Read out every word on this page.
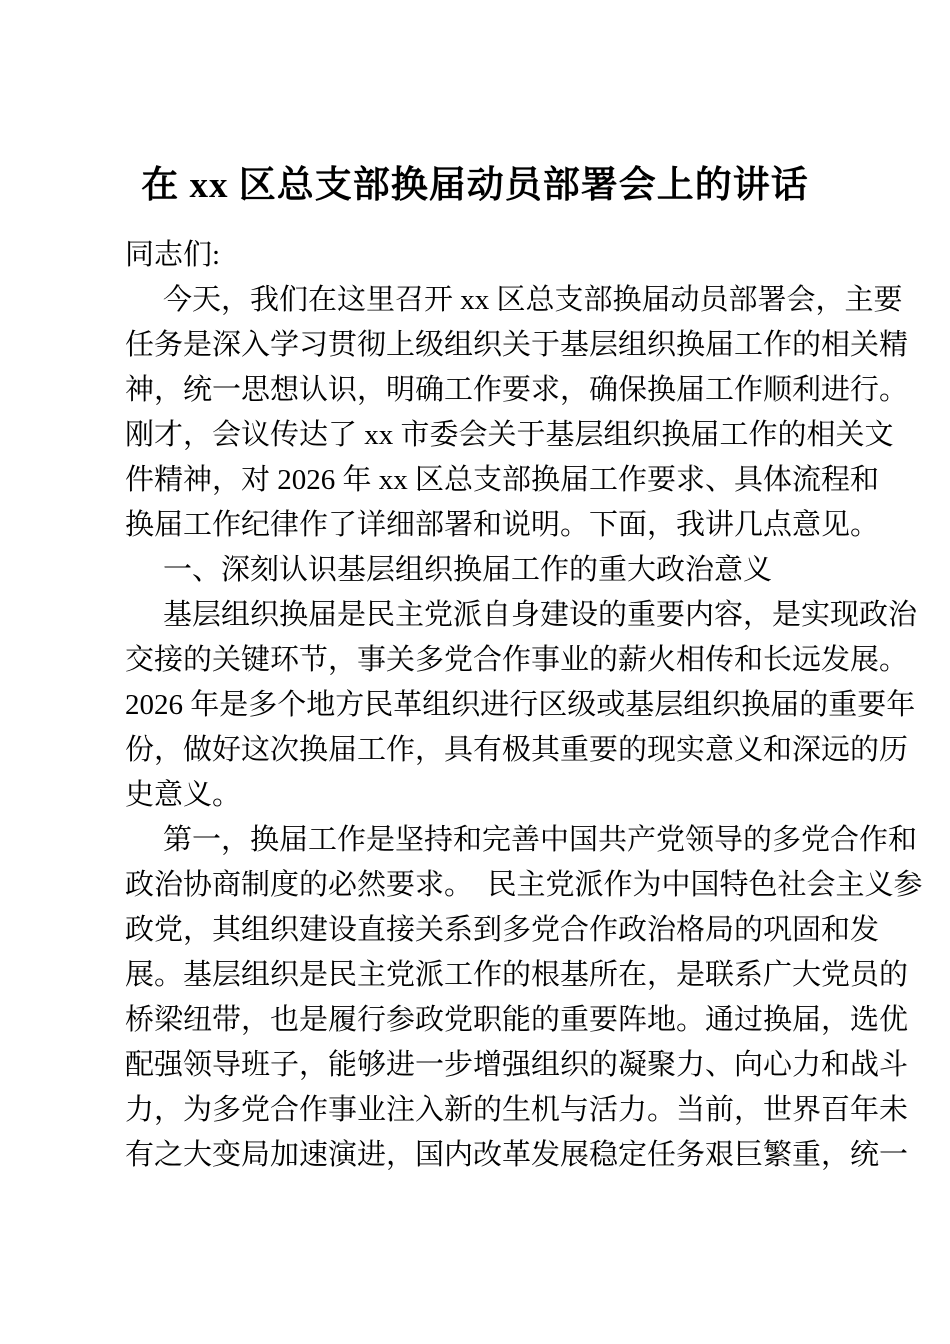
在 xx 区总支部换届动员部署会上的讲话
同志们:
今天，我们在这里召开 xx 区总支部换届动员部署会，主要
任务是深入学习贯彻上级组织关于基层组织换届工作的相关精
神，统一思想认识，明确工作要求，确保换届工作顺利进行。
刚才，会议传达了 xx 市委会关于基层组织换届工作的相关文
件精神，对 2026 年 xx 区总支部换届工作要求、具体流程和
换届工作纪律作了详细部署和说明。下面，我讲几点意见。
一、深刻认识基层组织换届工作的重大政治意义
基层组织换届是民主党派自身建设的重要内容，是实现政治
交接的关键环节，事关多党合作事业的薪火相传和长远发展。
2026 年是多个地方民革组织进行区级或基层组织换届的重要年
份，做好这次换届工作，具有极其重要的现实意义和深远的历
史意义。
第一，换届工作是坚持和完善中国共产党领导的多党合作和
政治协商制度的必然要求。　民主党派作为中国特色社会主义参
政党，其组织建设直接关系到多党合作政治格局的巩固和发
展。基层组织是民主党派工作的根基所在，是联系广大党员的
桥梁纽带，也是履行参政党职能的重要阵地。通过换届，选优
配强领导班子，能够进一步增强组织的凝聚力、向心力和战斗
力，为多党合作事业注入新的生机与活力。当前，世界百年未
有之大变局加速演进，国内改革发展稳定任务艰巨繁重，统一
